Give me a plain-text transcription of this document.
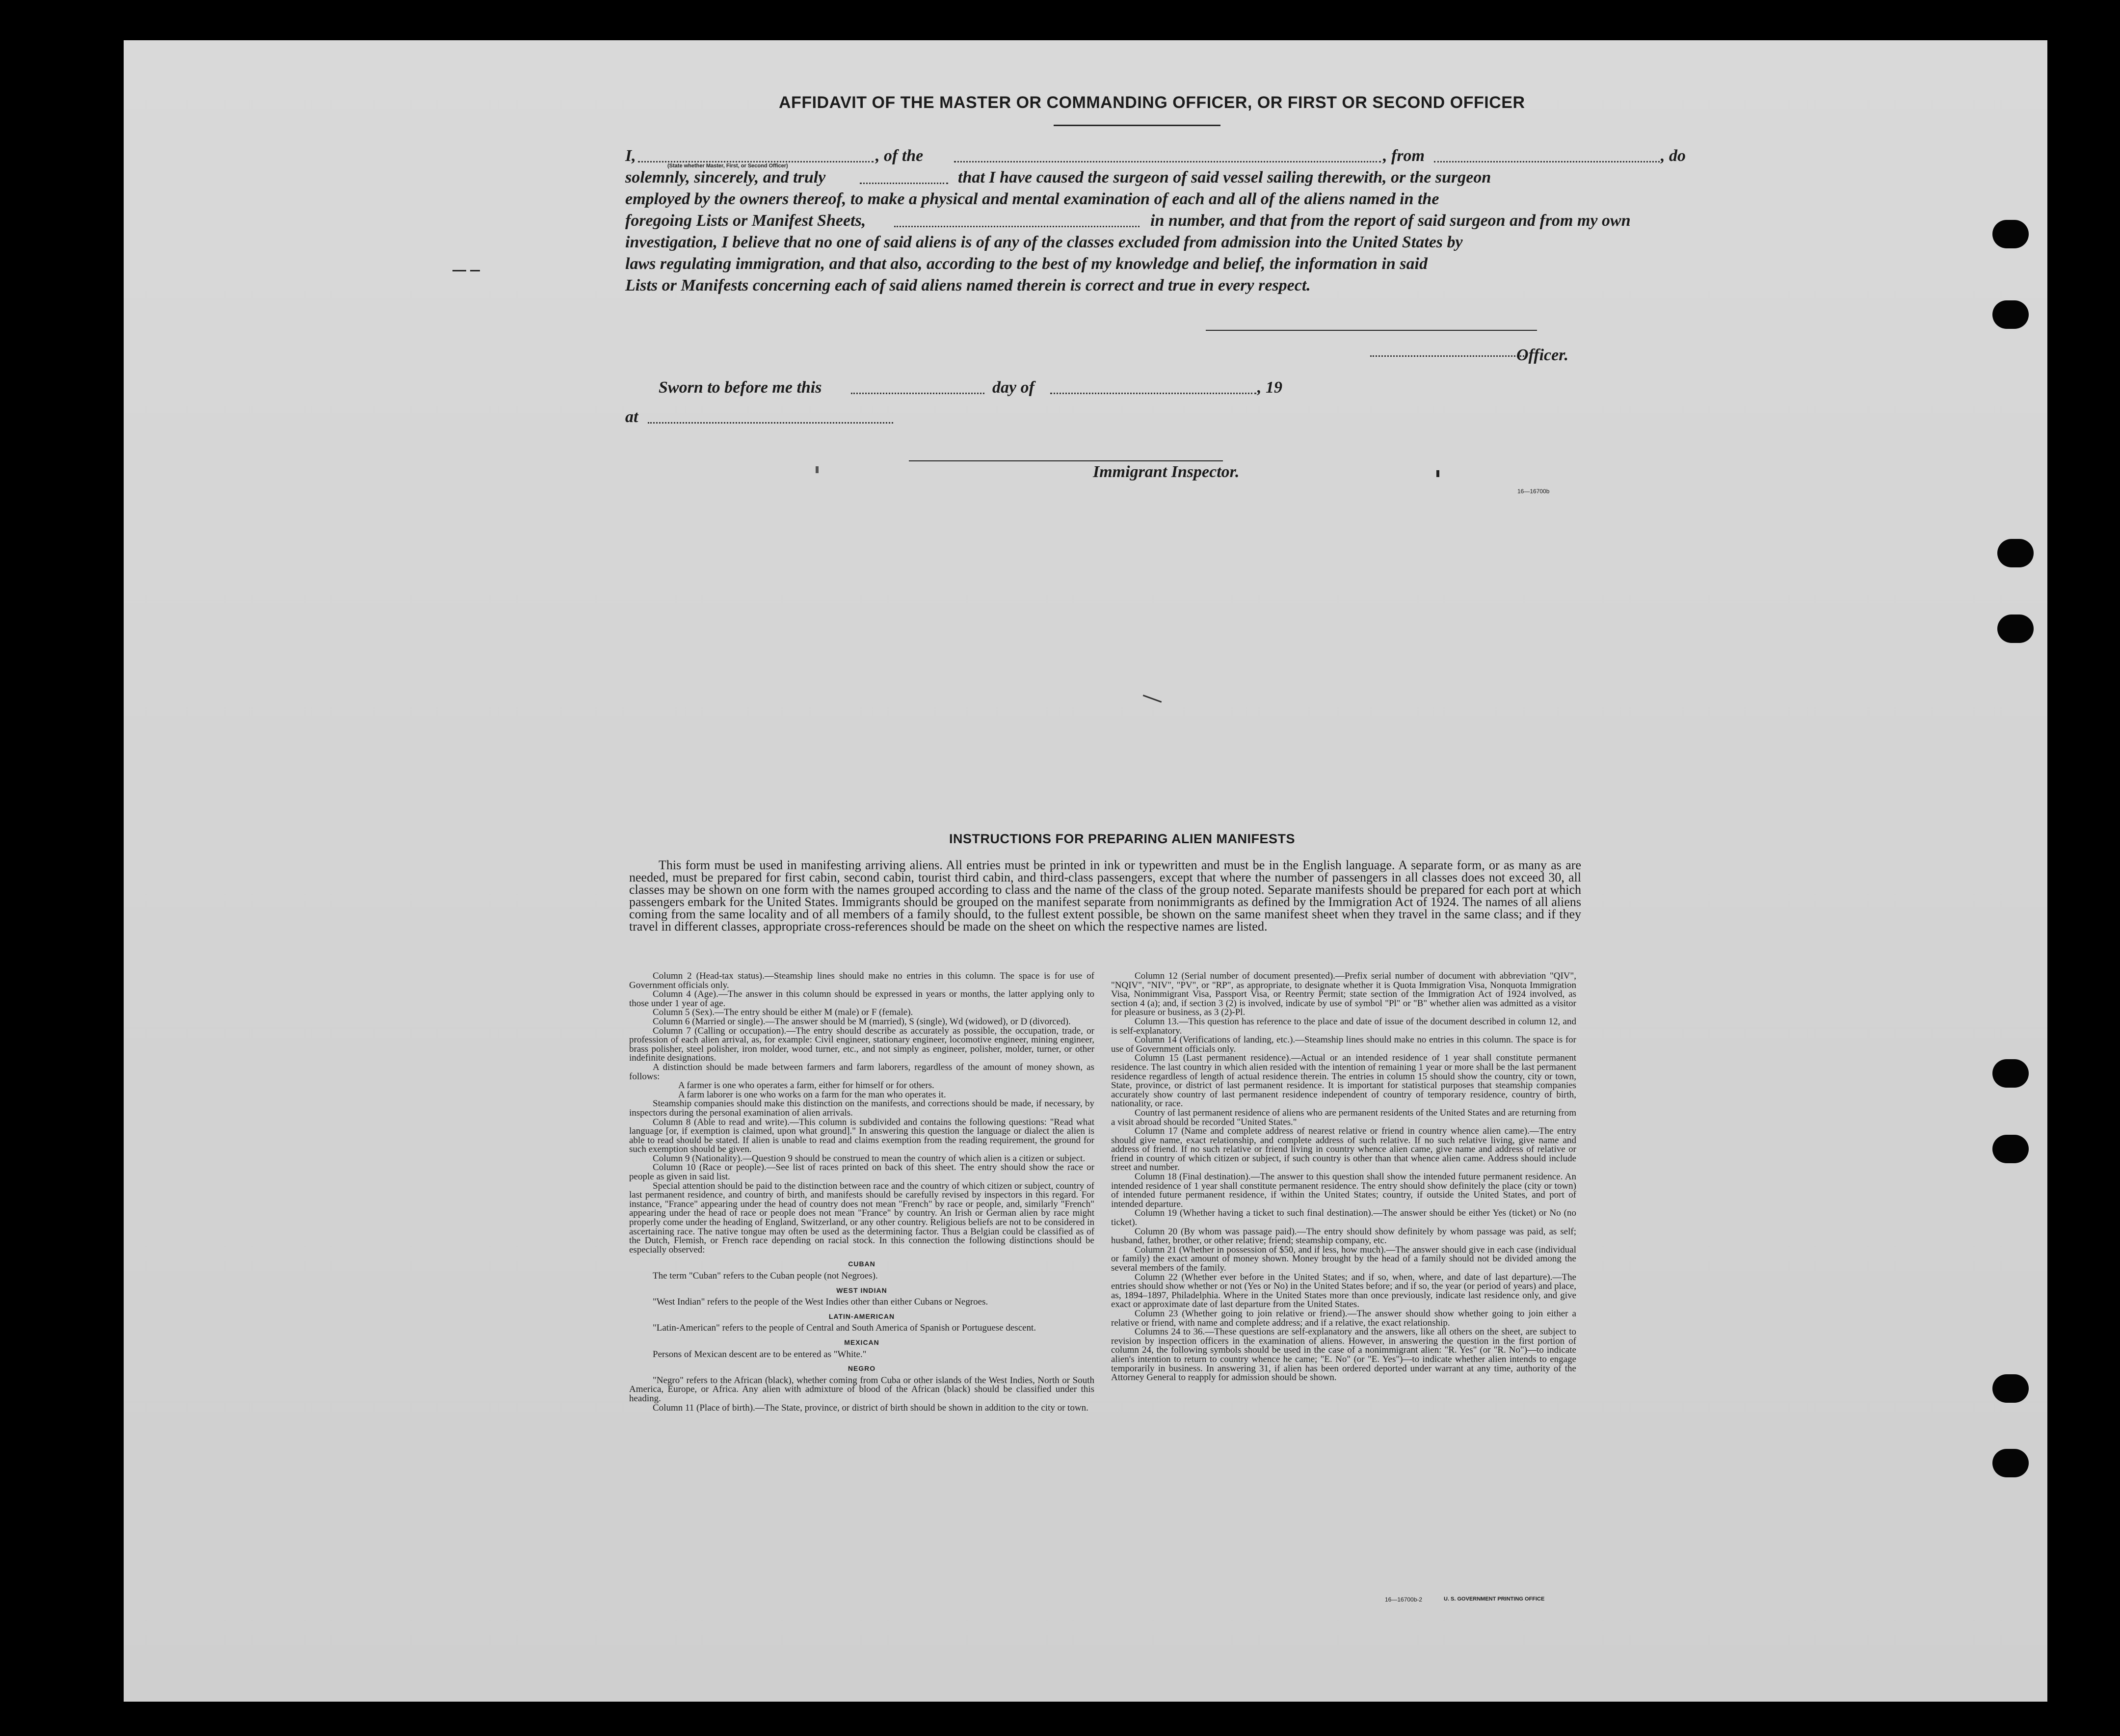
AFFIDAVIT OF THE MASTER OR COMMANDING OFFICER, OR FIRST OR SECOND OFFICER
I,
(State whether Master, First, or Second Officer)
, of the	, from	, do
solemnly, sincerely, and truly	that I have caused the surgeon of said vessel sailing therewith, or the surgeon
employed by the owners thereof, to make a physical and mental examination of each and all of the aliens named in the
foregoing Lists or Manifest Sheets,	in number, and that from the report of said surgeon and from my own
investigation, I believe that no one of said aliens is of any of the classes excluded from admission into the United States by
laws regulating immigration, and that also, according to the best of my knowledge and belief, the information in said
Lists or Manifests concerning each of said aliens named therein is correct and true in every respect.
Officer.
Sworn to before me this	day of	, 19
at
Immigrant Inspector.
16—16700b
INSTRUCTIONS FOR PREPARING ALIEN MANIFESTS
This form must be used in manifesting arriving aliens. All entries must be printed in ink or typewritten and must be in the English language. A separate form, or as many as are needed, must be prepared for first cabin, second cabin, tourist third cabin, and third-class passengers, except that where the number of passengers in all classes does not exceed 30, all classes may be shown on one form with the names grouped according to class and the name of the class of the group noted. Separate manifests should be prepared for each port at which passengers embark for the United States. Immigrants should be grouped on the manifest separate from nonimmigrants as defined by the Immigration Act of 1924. The names of all aliens coming from the same locality and of all members of a family should, to the fullest extent possible, be shown on the same manifest sheet when they travel in the same class; and if they travel in different classes, appropriate cross-references should be made on the sheet on which the respective names are listed.

Column 2 (Head-tax status).—Steamship lines should make no entries in this column. The space is for use of Government officials only.

Column 4 (Age).—The answer in this column should be expressed in years or months, the latter applying only to those under 1 year of age.

Column 5 (Sex).—The entry should be either M (male) or F (female).

Column 6 (Married or single).—The answer should be M (married), S (single), Wd (widowed), or D (divorced).

Column 7 (Calling or occupation).—The entry should describe as accurately as possible, the occupation, trade, or profession of each alien arrival, as, for example: Civil engineer, stationary engineer, locomotive engineer, mining engineer, brass polisher, steel polisher, iron molder, wood turner, etc., and not simply as engineer, polisher, molder, turner, or other indefinite designations.

A distinction should be made between farmers and farm laborers, regardless of the amount of money shown, as follows:

A farmer is one who operates a farm, either for himself or for others.

A farm laborer is one who works on a farm for the man who operates it.

Steamship companies should make this distinction on the manifests, and corrections should be made, if necessary, by inspectors during the personal examination of alien arrivals.

Column 8 (Able to read and write).—This column is subdivided and contains the following questions: "Read what language [or, if exemption is claimed, upon what ground]." In answering this question the language or dialect the alien is able to read should be stated. If alien is unable to read and claims exemption from the reading requirement, the ground for such exemption should be given.

Column 9 (Nationality).—Question 9 should be construed to mean the country of which alien is a citizen or subject.

Column 10 (Race or people).—See list of races printed on back of this sheet. The entry should show the race or people as given in said list.

Special attention should be paid to the distinction between race and the country of which citizen or subject, country of last permanent residence, and country of birth, and manifests should be carefully revised by inspectors in this regard. For instance, "France" appearing under the head of country does not mean "French" by race or people, and, similarly "French" appearing under the head of race or people does not mean "France" by country. An Irish or German alien by race might properly come under the heading of England, Switzerland, or any other country. Religious beliefs are not to be considered in ascertaining race. The native tongue may often be used as the determining factor. Thus a Belgian could be classified as of the Dutch, Flemish, or French race depending on racial stock. In this connection the following distinctions should be especially observed:

CUBAN

The term "Cuban" refers to the Cuban people (not Negroes).

WEST INDIAN

"West Indian" refers to the people of the West Indies other than either Cubans or Negroes.

LATIN-AMERICAN

"Latin-American" refers to the people of Central and South America of Spanish or Portuguese descent.

MEXICAN

Persons of Mexican descent are to be entered as "White."

NEGRO

"Negro" refers to the African (black), whether coming from Cuba or other islands of the West Indies, North or South America, Europe, or Africa. Any alien with admixture of blood of the African (black) should be classified under this heading.

Column 11 (Place of birth).—The State, province, or district of birth should be shown in addition to the city or town.

Column 12 (Serial number of document presented).—Prefix serial number of document with abbreviation "QIV", "NQIV", "NIV", "PV", or "RP", as appropriate, to designate whether it is Quota Immigration Visa, Nonquota Immigration Visa, Nonimmigrant Visa, Passport Visa, or Reentry Permit; state section of the Immigration Act of 1924 involved, as section 4 (a); and, if section 3 (2) is involved, indicate by use of symbol "Pl" or "B" whether alien was admitted as a visitor for pleasure or business, as 3 (2)-Pl.

Column 13.—This question has reference to the place and date of issue of the document described in column 12, and is self-explanatory.

Column 14 (Verifications of landing, etc.).—Steamship lines should make no entries in this column. The space is for use of Government officials only.

Column 15 (Last permanent residence).—Actual or an intended residence of 1 year shall constitute permanent residence. The last country in which alien resided with the intention of remaining 1 year or more shall be the last permanent residence regardless of length of actual residence therein. The entries in column 15 should show the country, city or town, State, province, or district of last permanent residence. It is important for statistical purposes that steamship companies accurately show country of last permanent residence independent of country of temporary residence, country of birth, nationality, or race.

Country of last permanent residence of aliens who are permanent residents of the United States and are returning from a visit abroad should be recorded "United States."

Column 17 (Name and complete address of nearest relative or friend in country whence alien came).—The entry should give name, exact relationship, and complete address of such relative. If no such relative living, give name and address of friend. If no such relative or friend living in country whence alien came, give name and address of relative or friend in country of which citizen or subject, if such country is other than that whence alien came. Address should include street and number.

Column 18 (Final destination).—The answer to this question shall show the intended future permanent residence. An intended residence of 1 year shall constitute permanent residence. The entry should show definitely the place (city or town) of intended future permanent residence, if within the United States; country, if outside the United States, and port of intended departure.

Column 19 (Whether having a ticket to such final destination).—The answer should be either Yes (ticket) or No (no ticket).

Column 20 (By whom was passage paid).—The entry should show definitely by whom passage was paid, as self; husband, father, brother, or other relative; friend; steamship company, etc.

Column 21 (Whether in possession of $50, and if less, how much).—The answer should give in each case (individual or family) the exact amount of money shown. Money brought by the head of a family should not be divided among the several members of the family.

Column 22 (Whether ever before in the United States; and if so, when, where, and date of last departure).—The entries should show whether or not (Yes or No) in the United States before; and if so, the year (or period of years) and place, as, 1894–1897, Philadelphia. Where in the United States more than once previously, indicate last residence only, and give exact or approximate date of last departure from the United States.

Column 23 (Whether going to join relative or friend).—The answer should show whether going to join either a relative or friend, with name and complete address; and if a relative, the exact relationship.

Columns 24 to 36.—These questions are self-explanatory and the answers, like all others on the sheet, are subject to revision by inspection officers in the examination of aliens. However, in answering the question in the first portion of column 24, the following symbols should be used in the case of a nonimmigrant alien: "R. Yes" (or "R. No")—to indicate alien's intention to return to country whence he came; "E. No" (or "E. Yes")—to indicate whether alien intends to engage temporarily in business. In answering 31, if alien has been ordered deported under warrant at any time, authority of the Attorney General to reapply for admission should be shown.

16—16700b-2	U. S. GOVERNMENT PRINTING OFFICE
